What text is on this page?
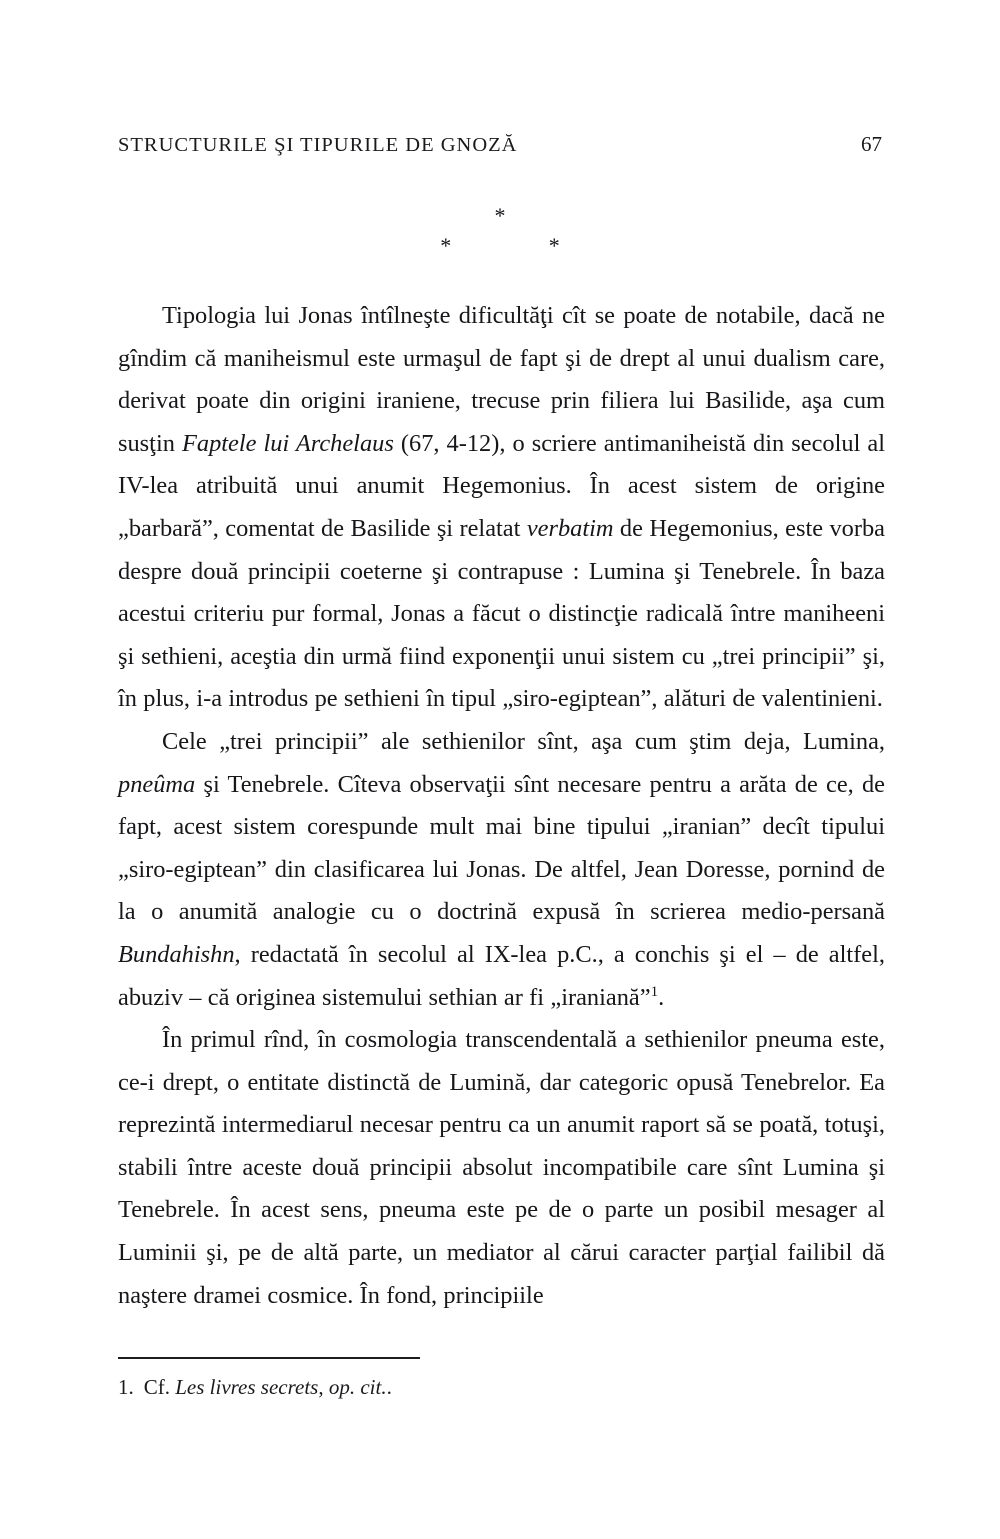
STRUCTURILE ŞI TIPURILE DE GNOZĂ	67
*
* *

Tipologia lui Jonas întîlneşte dificultăţi cît se poate de notabile, dacă ne gîndim că maniheismul este urmaşul de fapt şi de drept al unui dualism care, derivat poate din origini iraniene, trecuse prin filiera lui Basilide, aşa cum susţin Faptele lui Archelaus (67, 4-12), o scriere antimaniheistă din secolul al IV-lea atribuită unui anumit Hegemonius. În acest sistem de origine „barbară”, comentat de Basilide şi relatat verbatim de Hegemonius, este vorba despre două principii coeterne şi contrapuse : Lumina şi Tenebrele. În baza acestui criteriu pur formal, Jonas a făcut o distincţie radicală între maniheeni şi sethieni, aceştia din urmă fiind exponenţii unui sistem cu „trei principii” şi, în plus, i-a introdus pe sethieni în tipul „siro-egiptean”, alături de valentinieni.

Cele „trei principii” ale sethienilor sînt, aşa cum ştim deja, Lumina, pneûma şi Tenebrele. Cîteva observaţii sînt necesare pentru a arăta de ce, de fapt, acest sistem corespunde mult mai bine tipului „iranian” decît tipului „siro-egiptean” din clasificarea lui Jonas. De altfel, Jean Doresse, pornind de la o anumită analogie cu o doctrină expusă în scrierea medio-persană Bundahishn, redactată în secolul al IX-lea p.C., a conchis şi el – de altfel, abuziv – că originea sistemului sethian ar fi „iraniană”$^1$.

În primul rînd, în cosmologia transcendentală a sethienilor pneuma este, ce-i drept, o entitate distinctă de Lumină, dar categoric opusă Tenebrelor. Ea reprezintă intermediarul necesar pentru ca un anumit raport să se poată, totuşi, stabili între aceste două principii absolut incompatibile care sînt Lumina şi Tenebrele. În acest sens, pneuma este pe de o parte un posibil mesager al Luminii şi, pe de altă parte, un mediator al cărui caracter parţial failibil dă naştere dramei cosmice. În fond, principiile

1. Cf. Les livres secrets, op. cit..
